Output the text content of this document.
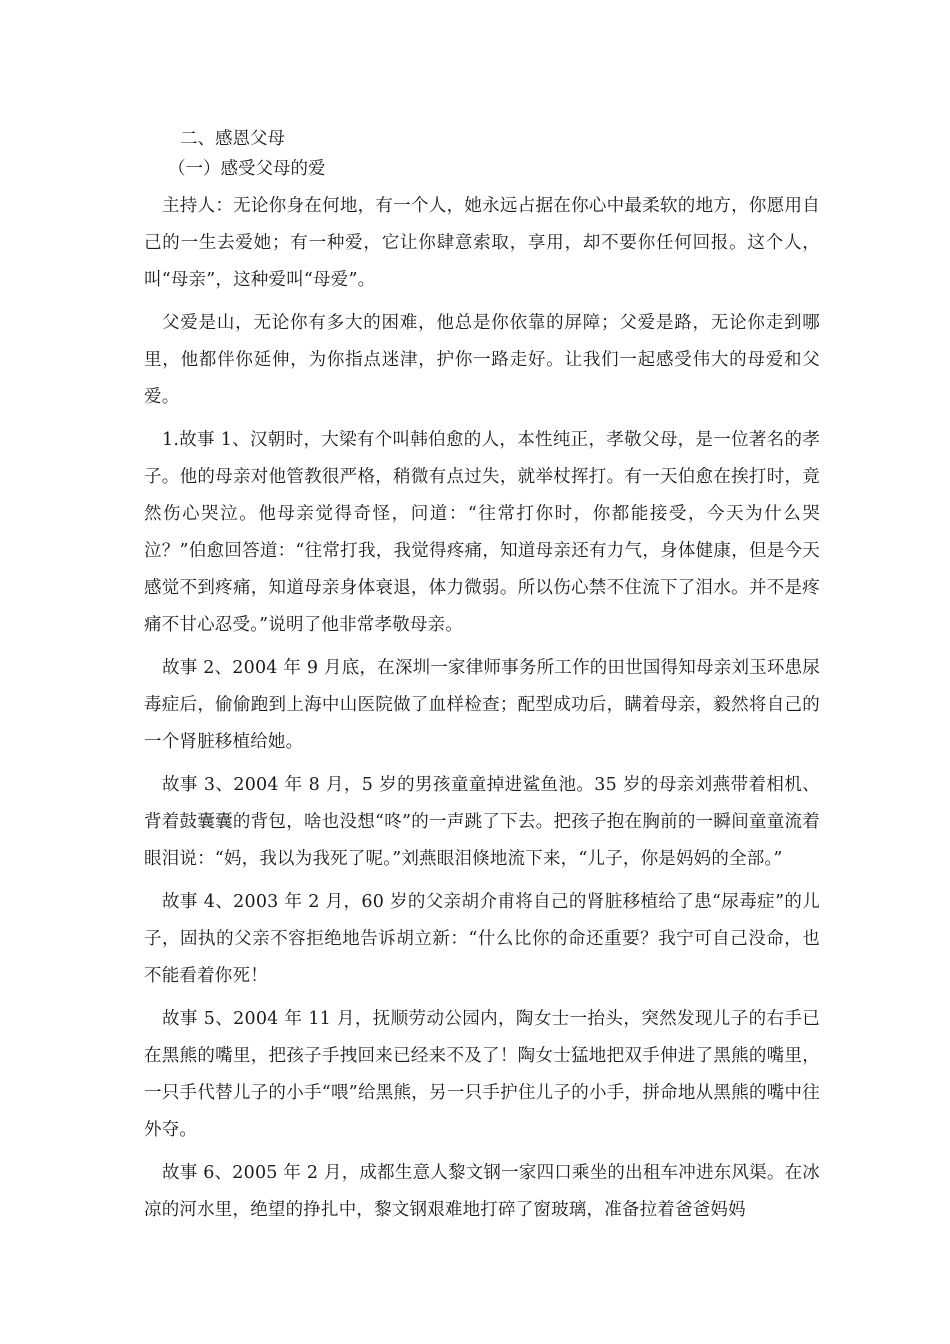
二、感恩父母

（一）感受父母的爱

主持人：无论你身在何地，有一个人，她永远占据在你心中最柔软的地方，你愿用自己的一生去爱她；有一种爱，它让你肆意索取，享用，却不要你任何回报。这个人，叫“母亲”，这种爱叫“母爱”。

父爱是山，无论你有多大的困难，他总是你依靠的屏障；父爱是路，无论你走到哪里，他都伴你延伸，为你指点迷津，护你一路走好。让我们一起感受伟大的母爱和父爱。

1.故事 1、汉朝时，大梁有个叫韩伯愈的人，本性纯正，孝敬父母，是一位著名的孝子。他的母亲对他管教很严格，稍微有点过失，就举杖挥打。有一天伯愈在挨打时，竟然伤心哭泣。他母亲觉得奇怪，问道：“往常打你时，你都能接受，今天为什么哭泣？”伯愈回答道：“往常打我，我觉得疼痛，知道母亲还有力气，身体健康，但是今天感觉不到疼痛，知道母亲身体衰退，体力微弱。所以伤心禁不住流下了泪水。并不是疼痛不甘心忍受。”说明了他非常孝敬母亲。

故事 2、2004 年 9 月底，在深圳一家律师事务所工作的田世国得知母亲刘玉环患尿毒症后，偷偷跑到上海中山医院做了血样检查；配型成功后，瞒着母亲，毅然将自己的一个肾脏移植给她。

故事 3、2004 年 8 月，5 岁的男孩童童掉进鲨鱼池。35 岁的母亲刘燕带着相机、背着鼓囊囊的背包，啥也没想“咚”的一声跳了下去。把孩子抱在胸前的一瞬间童童流着眼泪说：“妈，我以为我死了呢。”刘燕眼泪倏地流下来，“儿子，你是妈妈的全部。”

故事 4、2003 年 2 月，60 岁的父亲胡介甫将自己的肾脏移植给了患“尿毒症”的儿子，固执的父亲不容拒绝地告诉胡立新：“什么比你的命还重要？我宁可自己没命，也不能看着你死！

故事 5、2004 年 11 月，抚顺劳动公园内，陶女士一抬头，突然发现儿子的右手已在黑熊的嘴里，把孩子手拽回来已经来不及了！陶女士猛地把双手伸进了黑熊的嘴里，一只手代替儿子的小手“喂”给黑熊，另一只手护住儿子的小手，拼命地从黑熊的嘴中往外夺。

故事 6、2005 年 2 月，成都生意人黎文钢一家四口乘坐的出租车冲进东风渠。在冰凉的河水里，绝望的挣扎中，黎文钢艰难地打碎了窗玻璃，准备拉着爸爸妈妈
